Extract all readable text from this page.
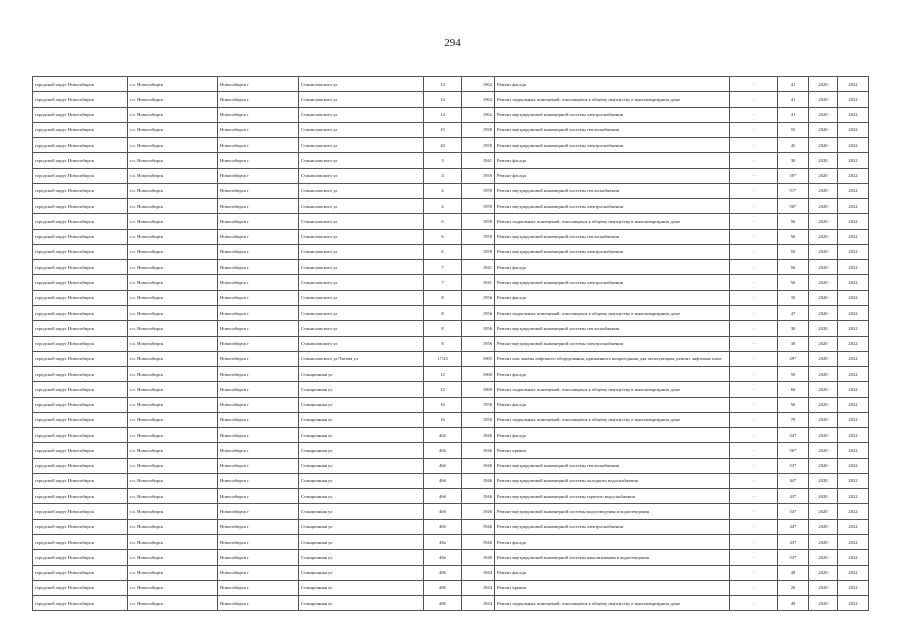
294
городской округ Новосибирск	г.о. Новосибирск	Новосибирск г	Станиславского ул	14	1962	Ремонт фасада	-	41	2020	2022
городской округ Новосибирск	г.о. Новосибирск	Новосибирск г	Станиславского ул	14	1962	Ремонт подвальных помещений, относящихся к общему имуществу в многоквартирном доме	-	41	2020	2022
городской округ Новосибирск	г.о. Новосибирск	Новосибирск г	Станиславского ул	14	1962	Ремонт внутридомовой инженерной системы электроснабжения	-	41	2020	2022
городской округ Новосибирск	г.о. Новосибирск	Новосибирск г	Станиславского ул	15	1958	Ремонт внутридомовой инженерной системы теплоснабжения	-	55	2020	2022
городской округ Новосибирск	г.о. Новосибирск	Новосибирск г	Станиславского ул	20	1959	Ремонт внутридомовой инженерной системы электроснабжения	-	45	2020	2022
городской округ Новосибирск	г.о. Новосибирск	Новосибирск г	Станиславского ул	3	1941	Ремонт фасада	-	30	2020	2022
городской округ Новосибирск	г.о. Новосибирск	Новосибирск г	Станиславского ул	4	1959	Ремонт фасада	-	50*	2020	2022
городской округ Новосибирск	г.о. Новосибирск	Новосибирск г	Станиславского ул	4	1959	Ремонт внутридомовой инженерной системы теплоснабжения	-	51*	2020	2022
городской округ Новосибирск	г.о. Новосибирск	Новосибирск г	Станиславского ул	4	1959	Ремонт внутридомовой инженерной системы электроснабжения	-	50*	2020	2022
городской округ Новосибирск	г.о. Новосибирск	Новосибирск г	Станиславского ул	6	1959	Ремонт подвальных помещений, относящихся к общему имуществу в многоквартирном доме	-	56	2020	2022
городской округ Новосибирск	г.о. Новосибирск	Новосибирск г	Станиславского ул	6	1959	Ремонт внутридомовой инженерной системы теплоснабжения	-	56	2020	2022
городской округ Новосибирск	г.о. Новосибирск	Новосибирск г	Станиславского ул	6	1959	Ремонт внутридомовой инженерной системы электроснабжения	-	50	2020	2022
городской округ Новосибирск	г.о. Новосибирск	Новосибирск г	Станиславского ул	7	1941	Ремонт фасада	-	56	2020	2022
городской округ Новосибирск	г.о. Новосибирск	Новосибирск г	Станиславского ул	7	1941	Ремонт внутридомовой инженерной системы электроснабжения	-	56	2020	2022
городской округ Новосибирск	г.о. Новосибирск	Новосибирск г	Станиславского ул	8	1956	Ремонт фасада	-	35	2020	2022
городской округ Новосибирск	г.о. Новосибирск	Новосибирск г	Станиславского ул	8	1956	Ремонт подвальных помещений, относящихся к общему имуществу в многоквартирном доме	-	47	2020	2022
городской округ Новосибирск	г.о. Новосибирск	Новосибирск г	Станиславского ул	8	1956	Ремонт внутридомовой инженерной системы теплоснабжения	-	30	2020	2022
городской округ Новосибирск	г.о. Новосибирск	Новосибирск г	Станиславского ул	8	1956	Ремонт внутридомовой инженерной системы электроснабжения	-	30	2020	2022
городской округ Новосибирск	г.о. Новосибирск	Новосибирск г	Станиславского ул/Титова ул	17/23	1965	Ремонт или замена лифтового оборудования, признанного непригодным для эксплуатации, ремонт лифтовых шахт	-	29*	2020	2022
городской округ Новосибирск	г.о. Новосибирск	Новосибирск г	Станционная ул	12	1960	Ремонт фасада	-	50	2020	2022
городской округ Новосибирск	г.о. Новосибирск	Новосибирск г	Станционная ул	12	1960	Ремонт подвальных помещений, относящихся к общему имуществу в многоквартирном доме	-	60	2020	2022
городской округ Новосибирск	г.о. Новосибирск	Новосибирск г	Станционная ул	16	1950	Ремонт фасада	-	56	2020	2022
городской округ Новосибирск	г.о. Новосибирск	Новосибирск г	Станционная ул	16	1950	Ремонт подвальных помещений, относящихся к общему имуществу в многоквартирном доме	-	70	2020	2022
городской округ Новосибирск	г.о. Новосибирск	Новосибирск г	Станционная ул	46б	1946	Ремонт фасада	-	54*	2020	2022
городской округ Новосибирск	г.о. Новосибирск	Новосибирск г	Станционная ул	46б	1946	Ремонт крыши	-	56*	2020	2022
городской округ Новосибирск	г.о. Новосибирск	Новосибирск г	Станционная ул	46б	1946	Ремонт внутридомовой инженерной системы теплоснабжения	-	53*	2020	2022
городской округ Новосибирск	г.о. Новосибирск	Новосибирск г	Станционная ул	46б	1946	Ремонт внутридомовой инженерной системы холодного водоснабжения	-	44*	2020	2022
городской округ Новосибирск	г.о. Новосибирск	Новосибирск г	Станционная ул	46б	1946	Ремонт внутридомовой инженерной системы горячего водоснабжения	-	43*	2020	2022
городской округ Новосибирск	г.о. Новосибирск	Новосибирск г	Станционная ул	46б	1946	Ремонт внутридомовой инженерной системы водоотведения и водоотведения	-	54*	2020	2022
городской округ Новосибирск	г.о. Новосибирск	Новосибирск г	Станционная ул	46б	1946	Ремонт внутридомовой инженерной системы электроснабжения	-	44*	2020	2022
городской округ Новосибирск	г.о. Новосибирск	Новосибирск г	Станционная ул	48а	1940	Ремонт фасада	-	43*	2020	2022
городской округ Новосибирск	г.о. Новосибирск	Новосибирск г	Станционная ул	48а	1940	Ремонт внутридомовой инженерной системы канализования и водоотведения	-	53*	2020	2022
городской округ Новосибирск	г.о. Новосибирск	Новосибирск г	Станционная ул	48б	1944	Ремонт фасада	-	49	2020	2022
городской округ Новосибирск	г.о. Новосибирск	Новосибирск г	Станционная ул	48б	1944	Ремонт крыши	-	20	2020	2022
городской округ Новосибирск	г.о. Новосибирск	Новосибирск г	Станционная ул	48б	1944	Ремонт подвальных помещений, относящихся к общему имуществу в многоквартирном доме	-	49	2020	2022
